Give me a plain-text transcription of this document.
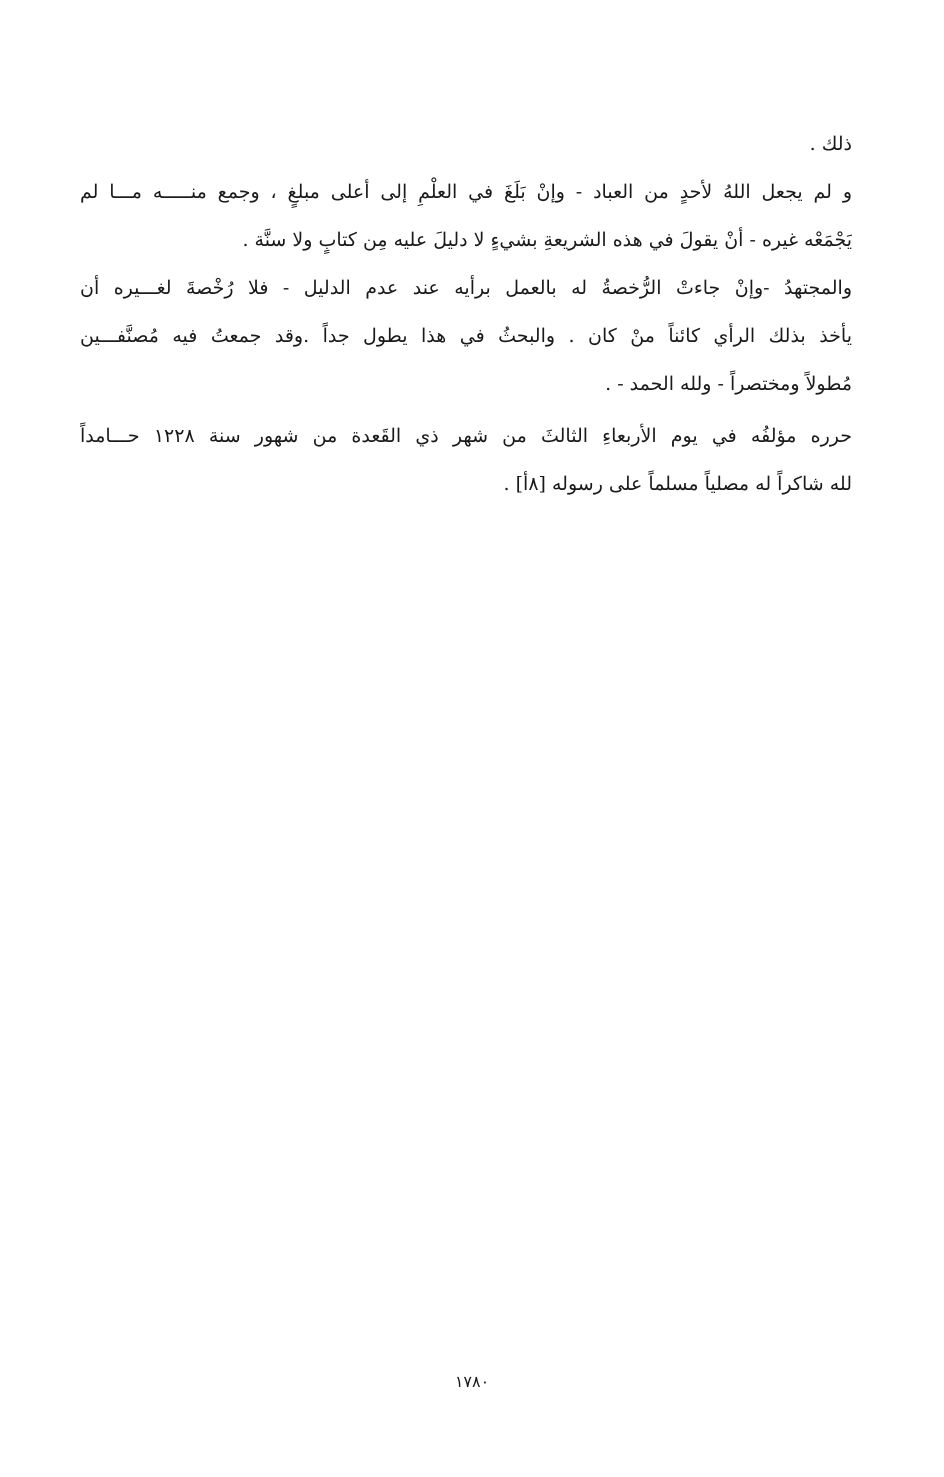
ذلك .
و لم يجعل اللهُ لأحدٍ من العباد - وإنْ بَلَغَ في العلْمِ إلى أعلى مبلغٍ ، وجمع منـــــه مـــا لم
يَجْمَعْه غيره - أنْ يقولَ في هذه الشريعةِ بشيءٍ لا دليلَ عليه مِن كتابٍ ولا سنَّة .
والمجتهدُ -وإنْ جاءتْ الرُّخصةُ له بالعمل برأيه عند عدم الدليل - فلا رُخْصةَ لغـــيره أن
يأخذ بذلك الرأي كائناً منْ كان . والبحثُ في هذا يطول جداً .وقد جمعتُ فيه مُصنَّفـــين
مُطولاً ومختصراً - ولله الحمد - .
حرره مؤلفُه في يوم الأربعاءِ الثالثَ من شهر ذي القَعدة من شهور سنة ١٢٢٨ حـــامداً
لله شاكراً له مصلياً مسلماً على رسوله [٨أ] .
١٧٨٠
